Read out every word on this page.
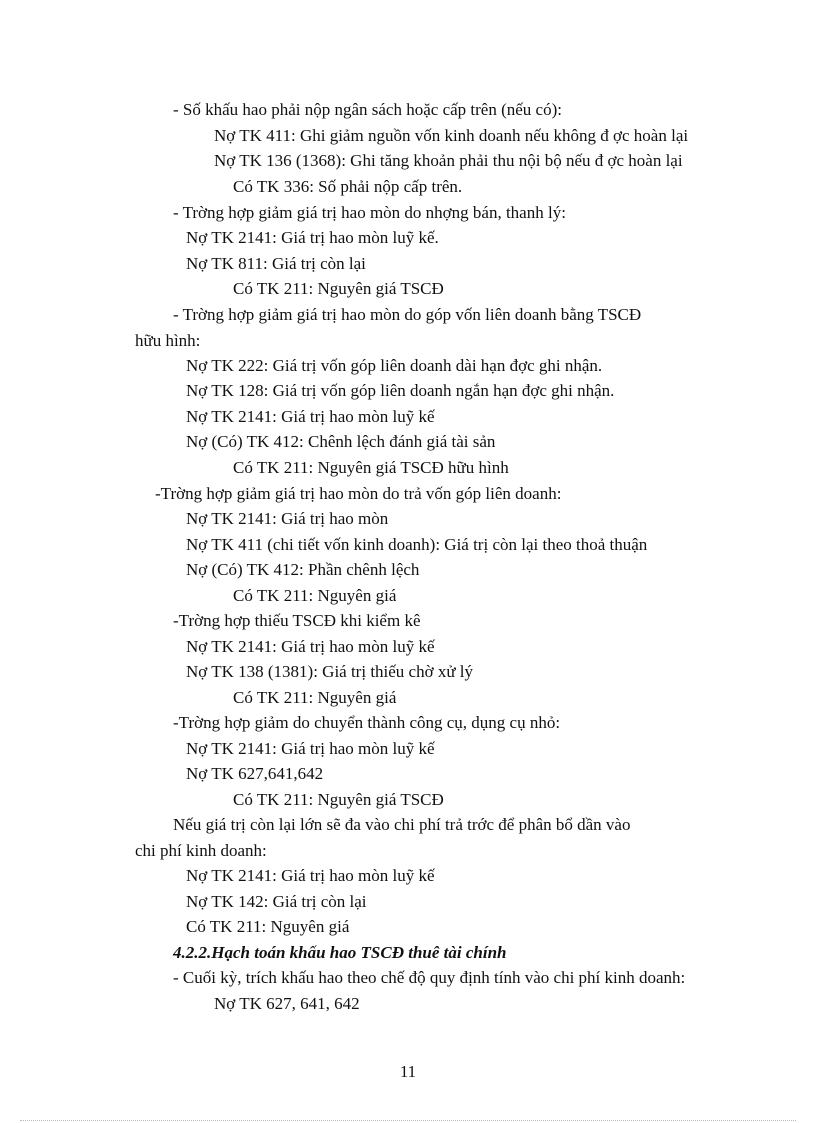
- Số khấu hao phải nộp ngân sách hoặc cấp trên (nếu có):
Nợ TK 411: Ghi giảm nguồn vốn kinh doanh nếu không đ ợc hoàn lại
Nợ TK 136 (1368): Ghi tăng khoản phải thu nội bộ nếu đ ợc hoàn lại
Có TK 336: Số phải nộp cấp trên.
- Trờng hợp giảm giá trị hao mòn do nhợng bán, thanh lý:
Nợ TK 2141: Giá trị hao mòn luỹ kế.
Nợ TK 811: Giá trị còn lại
Có TK 211: Nguyên giá TSCĐ
- Trờng hợp giảm giá trị hao mòn do góp vốn liên doanh bằng TSCĐ
hữu hình:
Nợ TK 222: Giá trị vốn góp liên doanh dài hạn đợc ghi nhận.
Nợ TK 128: Giá trị vốn góp liên doanh ngắn hạn đợc ghi nhận.
Nợ TK 2141: Giá trị hao mòn luỹ kế
Nợ (Có) TK 412: Chênh lệch đánh giá tài sản
Có TK 211: Nguyên giá TSCĐ hữu hình
-Trờng hợp giảm giá trị hao mòn do trả vốn góp liên doanh:
Nợ TK 2141: Giá trị hao mòn
Nợ TK 411 (chi tiết vốn kinh doanh): Giá trị còn lại theo thoả thuận
Nợ (Có) TK 412: Phần chênh lệch
Có TK 211: Nguyên giá
-Trờng hợp thiếu TSCĐ khi kiểm kê
Nợ TK 2141: Giá trị hao mòn luỹ kế
Nợ TK 138 (1381): Giá trị thiếu chờ xử lý
Có TK 211: Nguyên giá
-Trờng hợp giảm do chuyển thành công cụ, dụng cụ nhỏ:
Nợ TK 2141: Giá trị hao mòn luỹ kế
Nợ TK 627,641,642
Có TK 211: Nguyên giá TSCĐ
Nếu giá trị còn lại lớn sẽ đa vào chi phí trả trớc để phân bổ dần vào
chi phí kinh doanh:
Nợ TK 2141: Giá trị hao mòn luỹ kế
Nợ TK 142: Giá trị còn lại
Có TK 211: Nguyên giá
4.2.2.Hạch toán khấu hao TSCĐ thuê tài chính
- Cuối kỳ, trích khấu hao theo chế độ quy định tính vào chi phí kinh doanh:
Nợ TK 627, 641, 642
11
